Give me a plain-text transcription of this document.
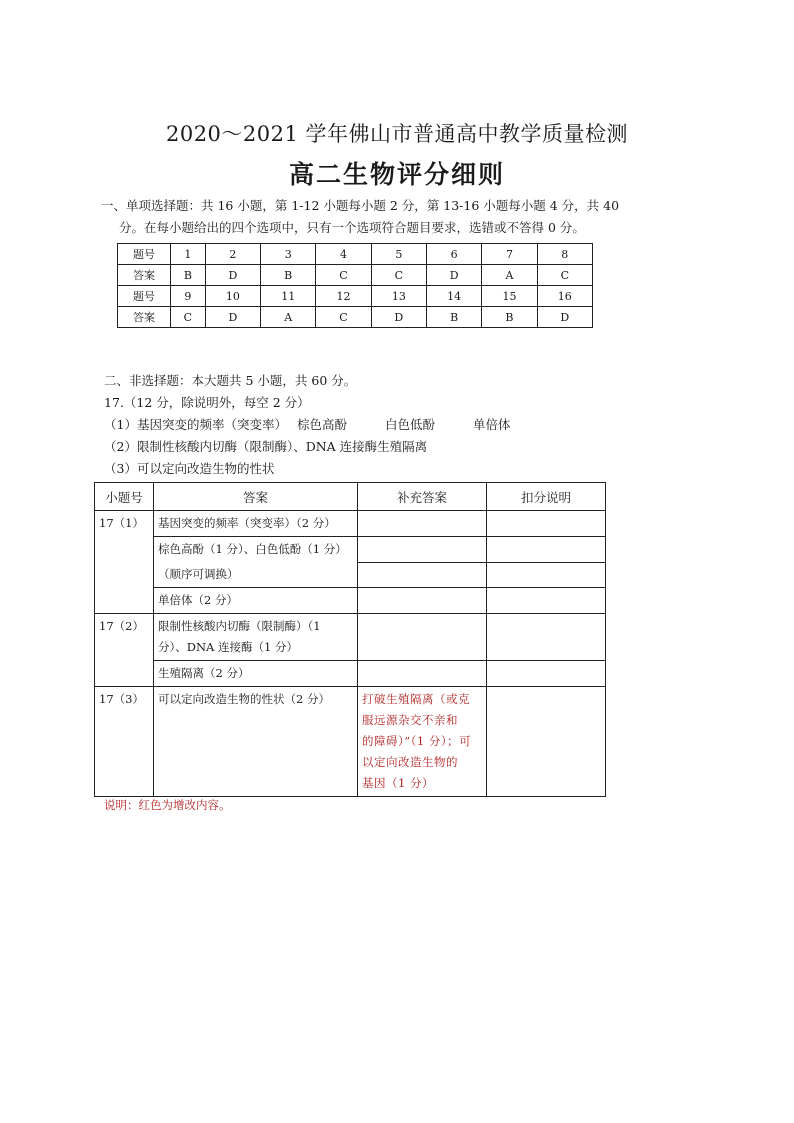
2020～2021 学年佛山市普通高中教学质量检测
高二生物评分细则
一、单项选择题：共 16 小题，第 1-12 小题每小题 2 分，第 13-16 小题每小题 4 分，共 40
分。在每小题给出的四个选项中，只有一个选项符合题目要求，选错或不答得 0 分。
题号	1	2	3	4	5	6	7	8
答案	B	D	B	C	C	D	A	C
题号	9	10	11	12	13	14	15	16
答案	C	D	A	C	D	B	B	D
二、非选择题：本大题共 5 小题，共 60 分。
17.（12 分，除说明外，每空 2 分）
（1）基因突变的频率（突变率） 棕色高酚	白色低酚	单倍体
（2）限制性核酸内切酶（限制酶）、DNA 连接酶生殖隔离
（3）可以定向改造生物的性状
小题号	答案	补充答案	扣分说明
17（1）	基因突变的频率（突变率）（2 分）		
	棕色高酚（1 分）、白色低酚（1 分）		
	（顺序可调换）		
	单倍体（2 分）		
17（2）	限制性核酸内切酶（限制酶）（1
分）、DNA 连接酶（1 分）		

	生殖隔离（2 分）		
17（3）	可以定向改造生物的性状（2 分）	打破生殖隔离（或克
服远源杂交不亲和
的障碍）”（1 分）；可
以定向改造生物的
基因（1 分）	

说明：红色为增改内容。
